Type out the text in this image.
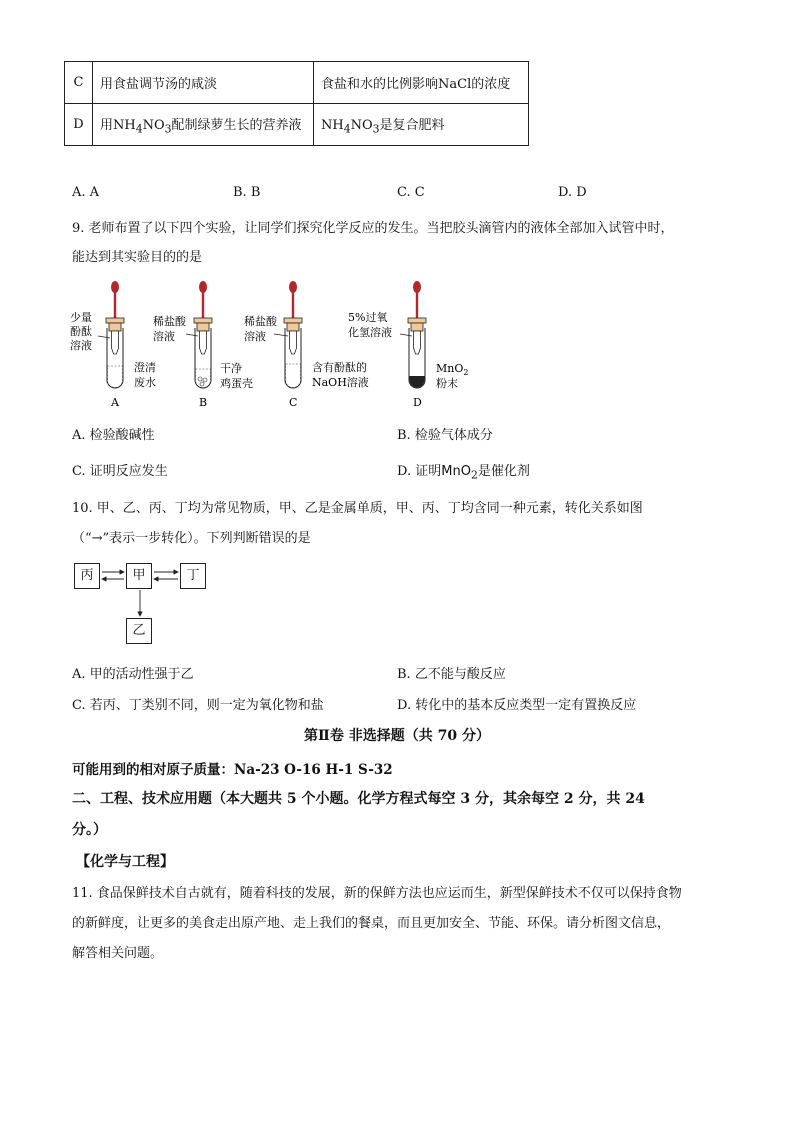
C	用食盐调节汤的咸淡	食盐和水的比例影响NaCl的浓度
D	用$NH_4NO_3$配制绿萝生长的营养液	$NH_4NO_3$是复合肥料
A. A	B. B	C. C	D. D
9. 老师布置了以下四个实验，让同学们探究化学反应的发生。当把胶头滴管内的液体全部加入试管中时，
能达到其实验目的的是
少量
酚酞
溶液
澄清
废水
A
稀盐酸
溶液
干净
鸡蛋壳
B
稀盐酸
溶液
含有酚酞的
NaOH溶液
C
5%过氧
化氢溶液
MnO$_2$
粉末
D
A. 检验酸碱性	B. 检验气体成分
C. 证明反应发生	D. 证明MnO$_2$是催化剂
10. 甲、乙、丙、丁均为常见物质，甲、乙是金属单质，甲、丙、丁均含同一种元素，转化关系如图
（“→”表示一步转化）。下列判断错误的是
丙	甲	丁
乙
A. 甲的活动性强于乙	B. 乙不能与酸反应
C. 若丙、丁类别不同，则一定为氧化物和盐	D. 转化中的基本反应类型一定有置换反应
第Ⅱ卷 非选择题（共 70 分）
可能用到的相对原子质量：Na-23 O-16 H-1 S-32
二、工程、技术应用题（本大题共 5 个小题。化学方程式每空 3 分，其余每空 2 分，共 24
分。）
【化学与工程】
11. 食品保鲜技术自古就有，随着科技的发展，新的保鲜方法也应运而生，新型保鲜技术不仅可以保持食物
的新鲜度，让更多的美食走出原产地、走上我们的餐桌，而且更加安全、节能、环保。请分析图文信息，
解答相关问题。
